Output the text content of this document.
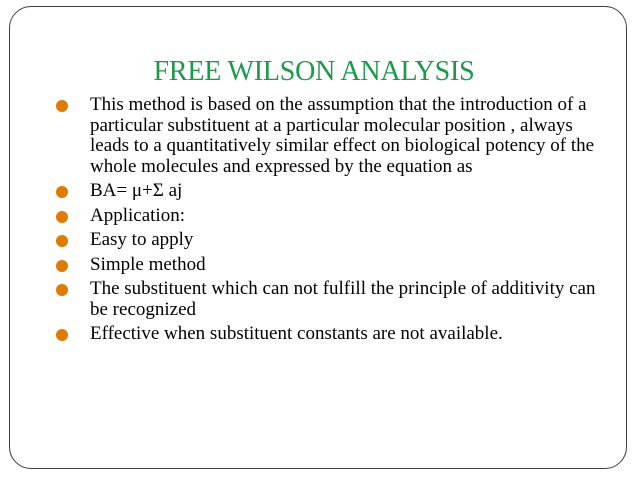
FREE WILSON ANALYSIS
This method is based on the assumption that the introduction of a particular substituent at a particular molecular position , always leads to a quantitatively similar effect on biological potency of the whole molecules and expressed by the equation as
BA= μ+Σ aj
Application:
Easy to apply
Simple method
The substituent which can not fulfill the principle of additivity can be recognized
Effective when substituent constants are not available.
